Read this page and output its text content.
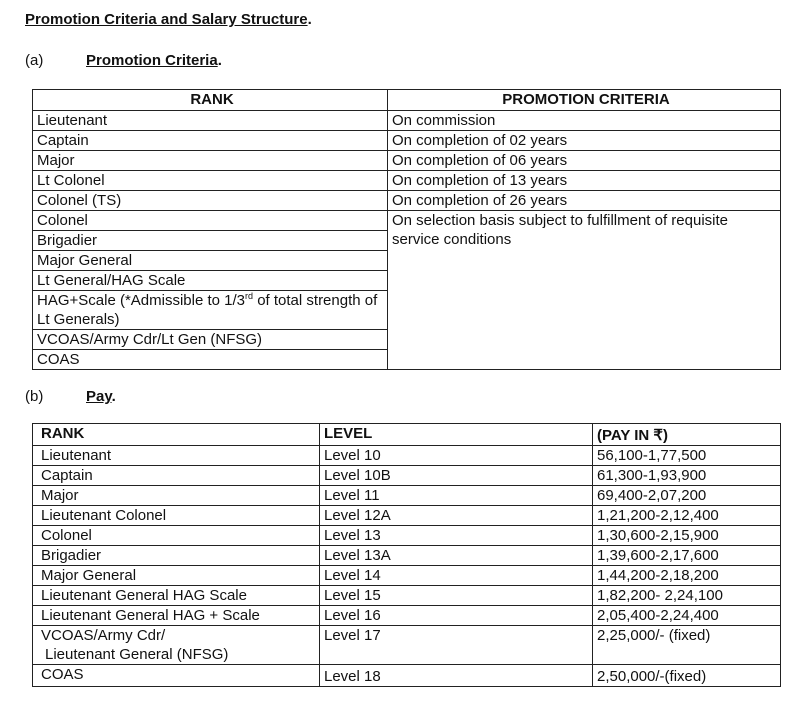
Promotion Criteria and Salary Structure.
(a)	Promotion Criteria.
RANK	PROMOTION CRITERIA
Lieutenant	On commission
Captain	On completion of 02 years
Major	On completion of 06 years
Lt Colonel	On completion of 13 years
Colonel (TS)	On completion of 26 years
Colonel	On selection basis subject to fulfillment of requisite service conditions
Brigadier	
Major General	
Lt General/HAG Scale	
HAG+Scale (*Admissible to 1/3rd of total strength of Lt Generals)	
VCOAS/Army Cdr/Lt Gen (NFSG)	
COAS	
(b)	Pay.
RANK	LEVEL	(PAY IN ₹)
Lieutenant	Level 10	56,100-1,77,500
Captain	Level 10B	61,300-1,93,900
Major	Level 11	69,400-2,07,200
Lieutenant Colonel	Level 12A	1,21,200-2,12,400
Colonel	Level 13	1,30,600-2,15,900
Brigadier	Level 13A	1,39,600-2,17,600
Major General	Level 14	1,44,200-2,18,200
Lieutenant General HAG Scale	Level 15	1,82,200- 2,24,100
Lieutenant General HAG + Scale	Level 16	2,05,400-2,24,400

VCOAS/Army Cdr/
Lieutenant General (NFSG)	Level 17	2,25,000/- (fixed)
COAS	Level 18	2,50,000/-(fixed)
